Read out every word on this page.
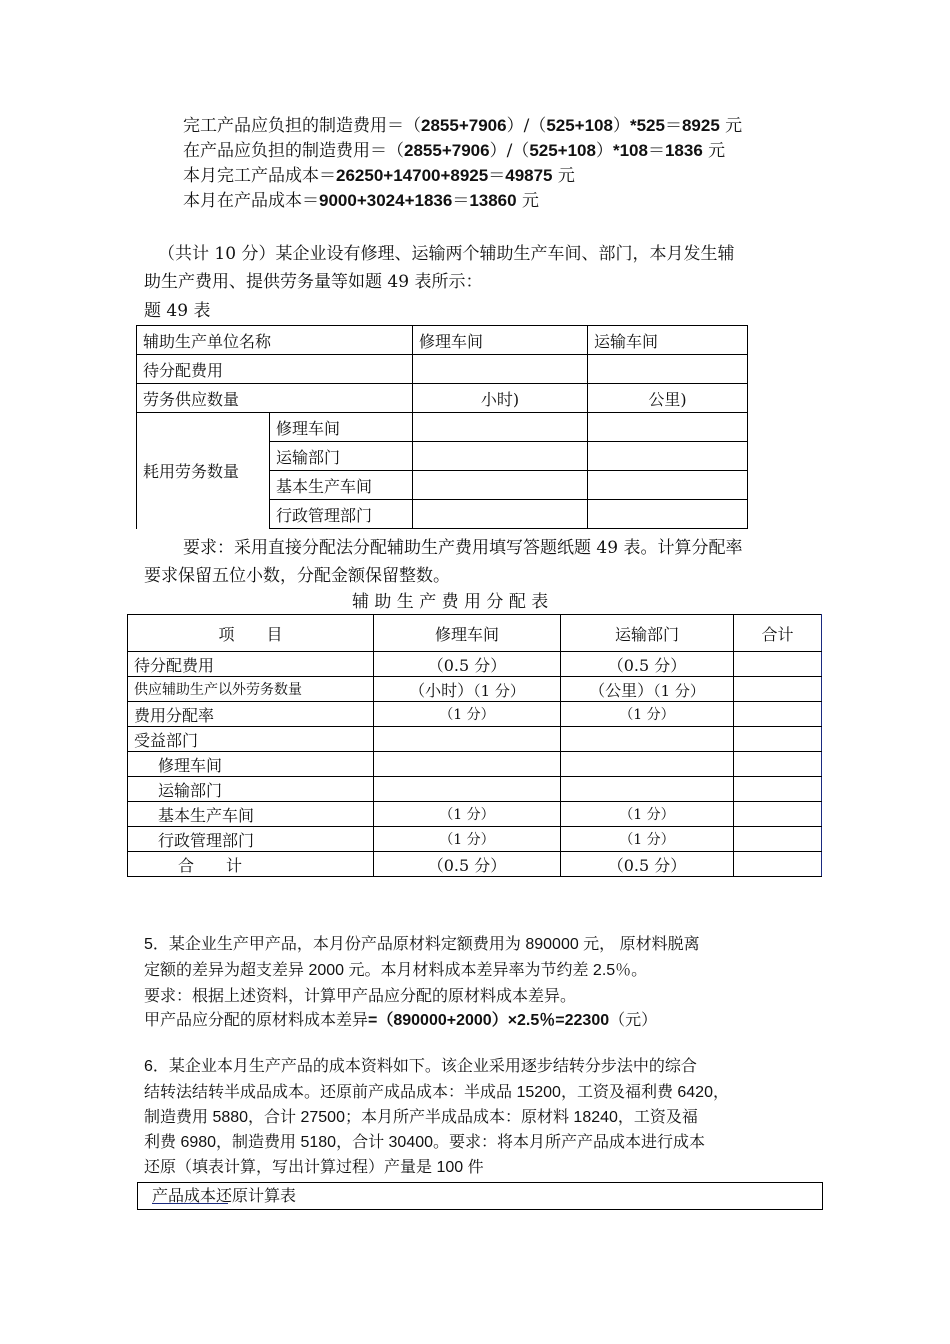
完工产品应负担的制造费用＝（2855+7906）/（525+108）*525＝8925 元
在产品应负担的制造费用＝（2855+7906）/（525+108）*108＝1836 元
本月完工产品成本＝26250+14700+8925＝49875 元
本月在产品成本＝9000+3024+1836＝13860 元
（共计 10 分）某企业设有修理、运输两个辅助生产车间、部门，本月发生辅
助生产费用、提供劳务量等如题 49 表所示：
题 49 表
辅助生产单位名称		修理车间	运输车间
待分配费用			
劳务供应数量		小时)	公里)
耗用劳务数量	修理车间		
	运输部门		
	基本生产车间		
	行政管理部门		
要求：采用直接分配法分配辅助生产费用填写答题纸题 49 表。计算分配率
要求保留五位小数，分配金额保留整数。
辅 助 生 产 费 用 分 配 表
项　　目	修理车间	运输部门	合计
待分配费用	（0.5 分）	（0.5 分）	
供应辅助生产以外劳务数量	（小时）（1 分）	（公里）（1 分）	
费用分配率	（1 分）	（1 分）	
受益部门			
修理车间			
运输部门			
基本生产车间	（1 分）	（1 分）	
行政管理部门	（1 分）	（1 分）	
合　　计	（0.5 分）	（0.5 分）	
5．某企业生产甲产品，本月份产品原材料定额费用为 890000 元， 原材料脱离
定额的差异为超支差异 2000 元。本月材料成本差异率为节约差 2.5％。
要求：根据上述资料，计算甲产品应分配的原材料成本差异。
甲产品应分配的原材料成本差异=（890000+2000）×2.5％=22300（元）
6．某企业本月生产产品的成本资料如下。该企业采用逐步结转分步法中的综合
结转法结转半成品成本。还原前产成品成本：半成品 15200，工资及福利费 6420，
制造费用 5880，合计 27500；本月所产半成品成本：原材料 18240，工资及福
利费 6980，制造费用 5180，合计 30400。要求：将本月所产产品成本进行成本
还原（填表计算，写出计算过程）产量是 100 件
产品成本还原计算表
